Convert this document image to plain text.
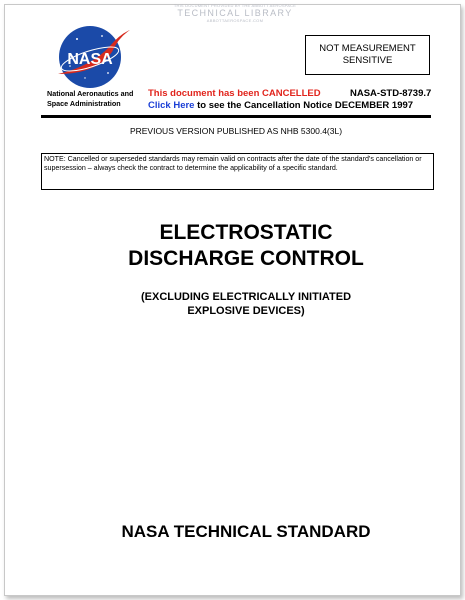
THIS DOCUMENT PROVIDED BY THE ABBOTT AEROSPACE
TECHNICAL LIBRARY
ABBOTTAEROSPACE.COM
NASA
National Aeronautics and
Space Administration
NOT MEASUREMENT
SENSITIVE
This document has been CANCELLED	NASA-STD-8739.7
Click Here to see the Cancellation Notice DECEMBER 1997
PREVIOUS VERSION PUBLISHED AS NHB 5300.4(3L)
NOTE: Cancelled or superseded standards may remain valid on contracts after the date of the standard’s cancellation or supersession – always check the contract to determine the applicability of a specific standard.
ELECTROSTATIC
DISCHARGE CONTROL
(EXCLUDING ELECTRICALLY INITIATED
EXPLOSIVE DEVICES)
NASA TECHNICAL STANDARD
